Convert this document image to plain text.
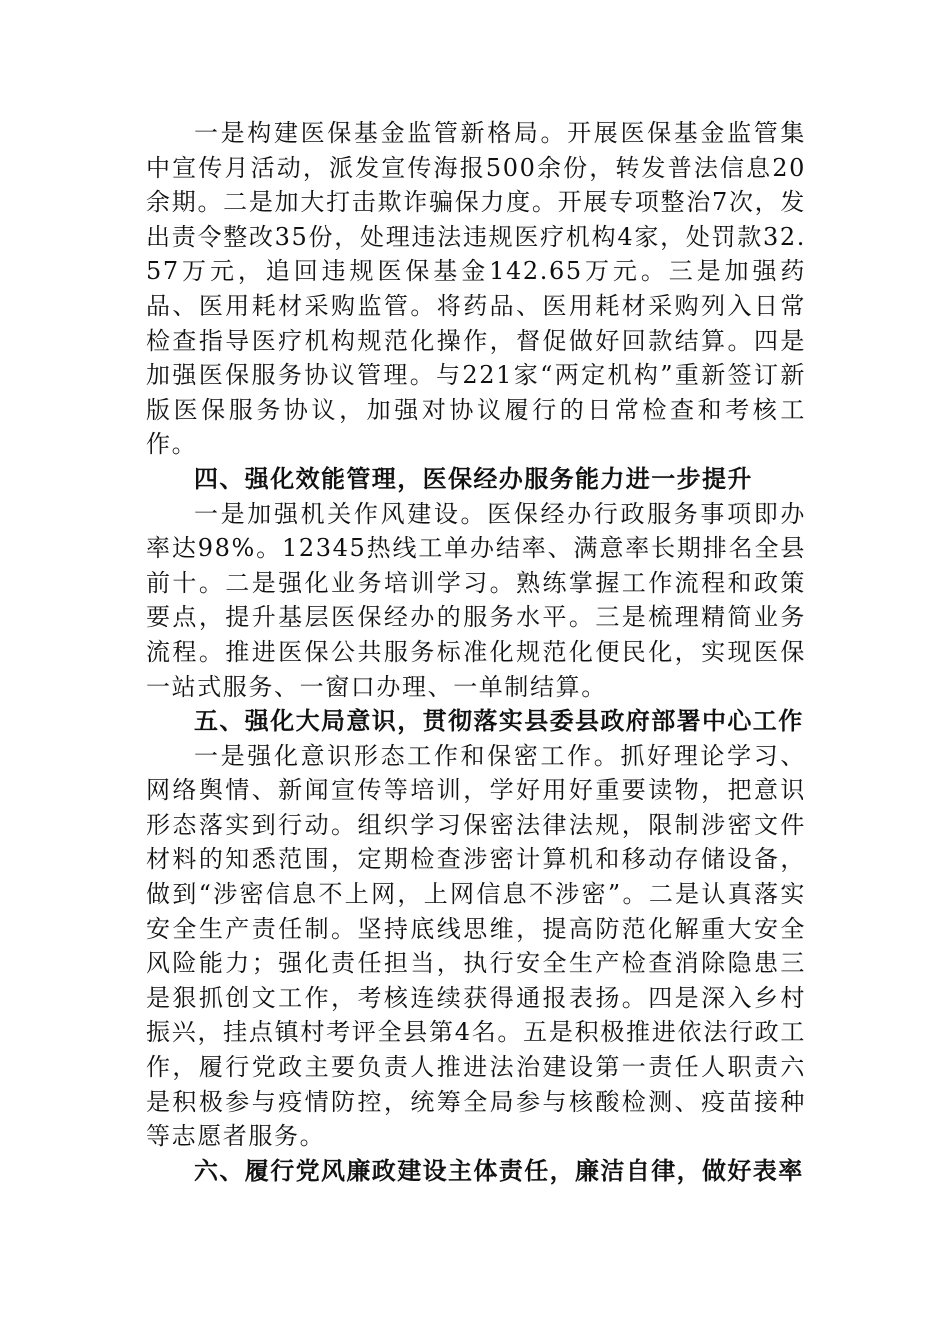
一是构建医保基金监管新格局。开展医保基金监管集中宣传月活动，派发宣传海报500余份，转发普法信息20余期。二是加大打击欺诈骗保力度。开展专项整治7次，发出责令整改35份，处理违法违规医疗机构4家，处罚款32.57万元，追回违规医保基金142.65万元。三是加强药品、医用耗材采购监管。将药品、医用耗材采购列入日常检查指导医疗机构规范化操作，督促做好回款结算。四是加强医保服务协议管理。与221家“两定机构”重新签订新版医保服务协议，加强对协议履行的日常检查和考核工作。

四、强化效能管理，医保经办服务能力进一步提升

一是加强机关作风建设。医保经办行政服务事项即办率达98%。12345热线工单办结率、满意率长期排名全县前十。二是强化业务培训学习。熟练掌握工作流程和政策要点，提升基层医保经办的服务水平。三是梳理精简业务流程。推进医保公共服务标准化规范化便民化，实现医保一站式服务、一窗口办理、一单制结算。

五、强化大局意识，贯彻落实县委县政府部署中心工作

一是强化意识形态工作和保密工作。抓好理论学习、网络舆情、新闻宣传等培训，学好用好重要读物，把意识形态落实到行动。组织学习保密法律法规，限制涉密文件材料的知悉范围，定期检查涉密计算机和移动存储设备，做到“涉密信息不上网，上网信息不涉密”。二是认真落实安全生产责任制。坚持底线思维，提高防范化解重大安全风险能力；强化责任担当，执行安全生产检查消除隐患三是狠抓创文工作，考核连续获得通报表扬。四是深入乡村振兴，挂点镇村考评全县第4名。五是积极推进依法行政工作，履行党政主要负责人推进法治建设第一责任人职责六是积极参与疫情防控，统筹全局参与核酸检测、疫苗接种等志愿者服务。

六、履行党风廉政建设主体责任，廉洁自律，做好表率
